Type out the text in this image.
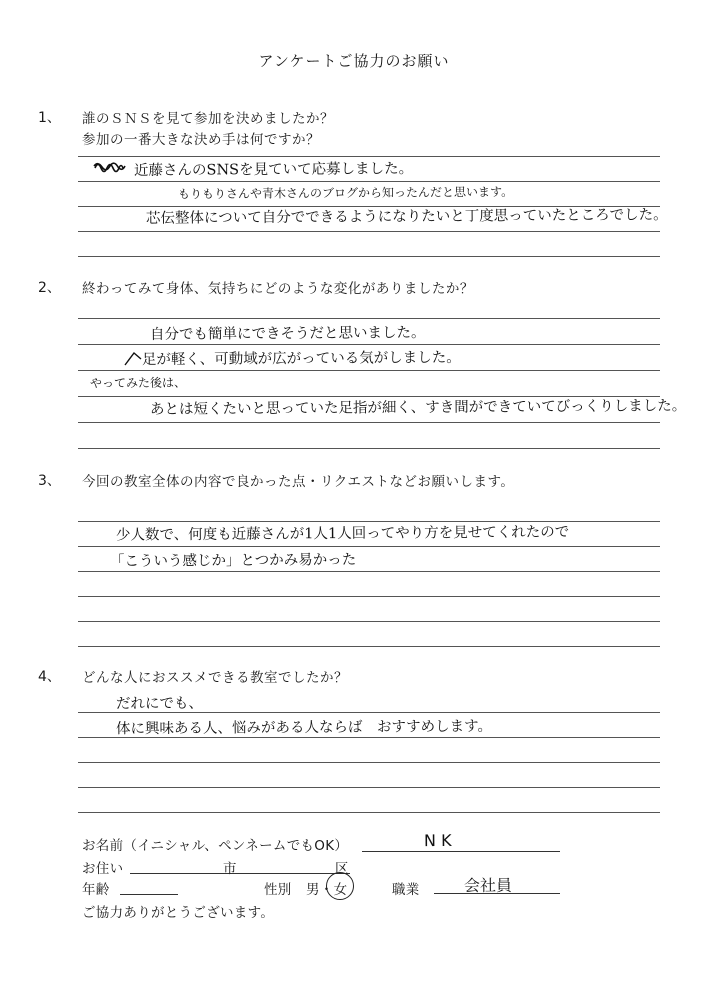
アンケートご協力のお願い
1、 誰のＳＮＳを見て参加を決めましたか？
参加の一番大きな決め手は何ですか？
近藤さんのSNSを見ていて応募しました。
もりもりさんや青木さんのブログから知ったんだと思います。
芯伝整体について自分でできるようになりたいと丁度思っていたところでした。
2、 終わってみて身体、気持ちにどのような変化がありましたか？
自分でも簡単にできそうだと思いました。
足が軽く、可動域が広がっている気がしました。
やってみた後は、
あとは短くたいと思っていた足指が細く、すき間ができていてびっくりしました。
3、 今回の教室全体の内容で良かった点・リクエストなどお願いします。
少人数で、何度も近藤さんが1人1人回ってやり方を見せてくれたので
「こういう感じか」とつかみ易かった
4、 どんな人におススメできる教室でしたか？
だれにでも、
体に興味ある人、悩みがある人ならば　おすすめします。
お名前（イニシャル、ペンネームでもOK）	N K
お住い	市	区
年齢	性別 男・女	職業	会社員
ご協力ありがとうございます。
